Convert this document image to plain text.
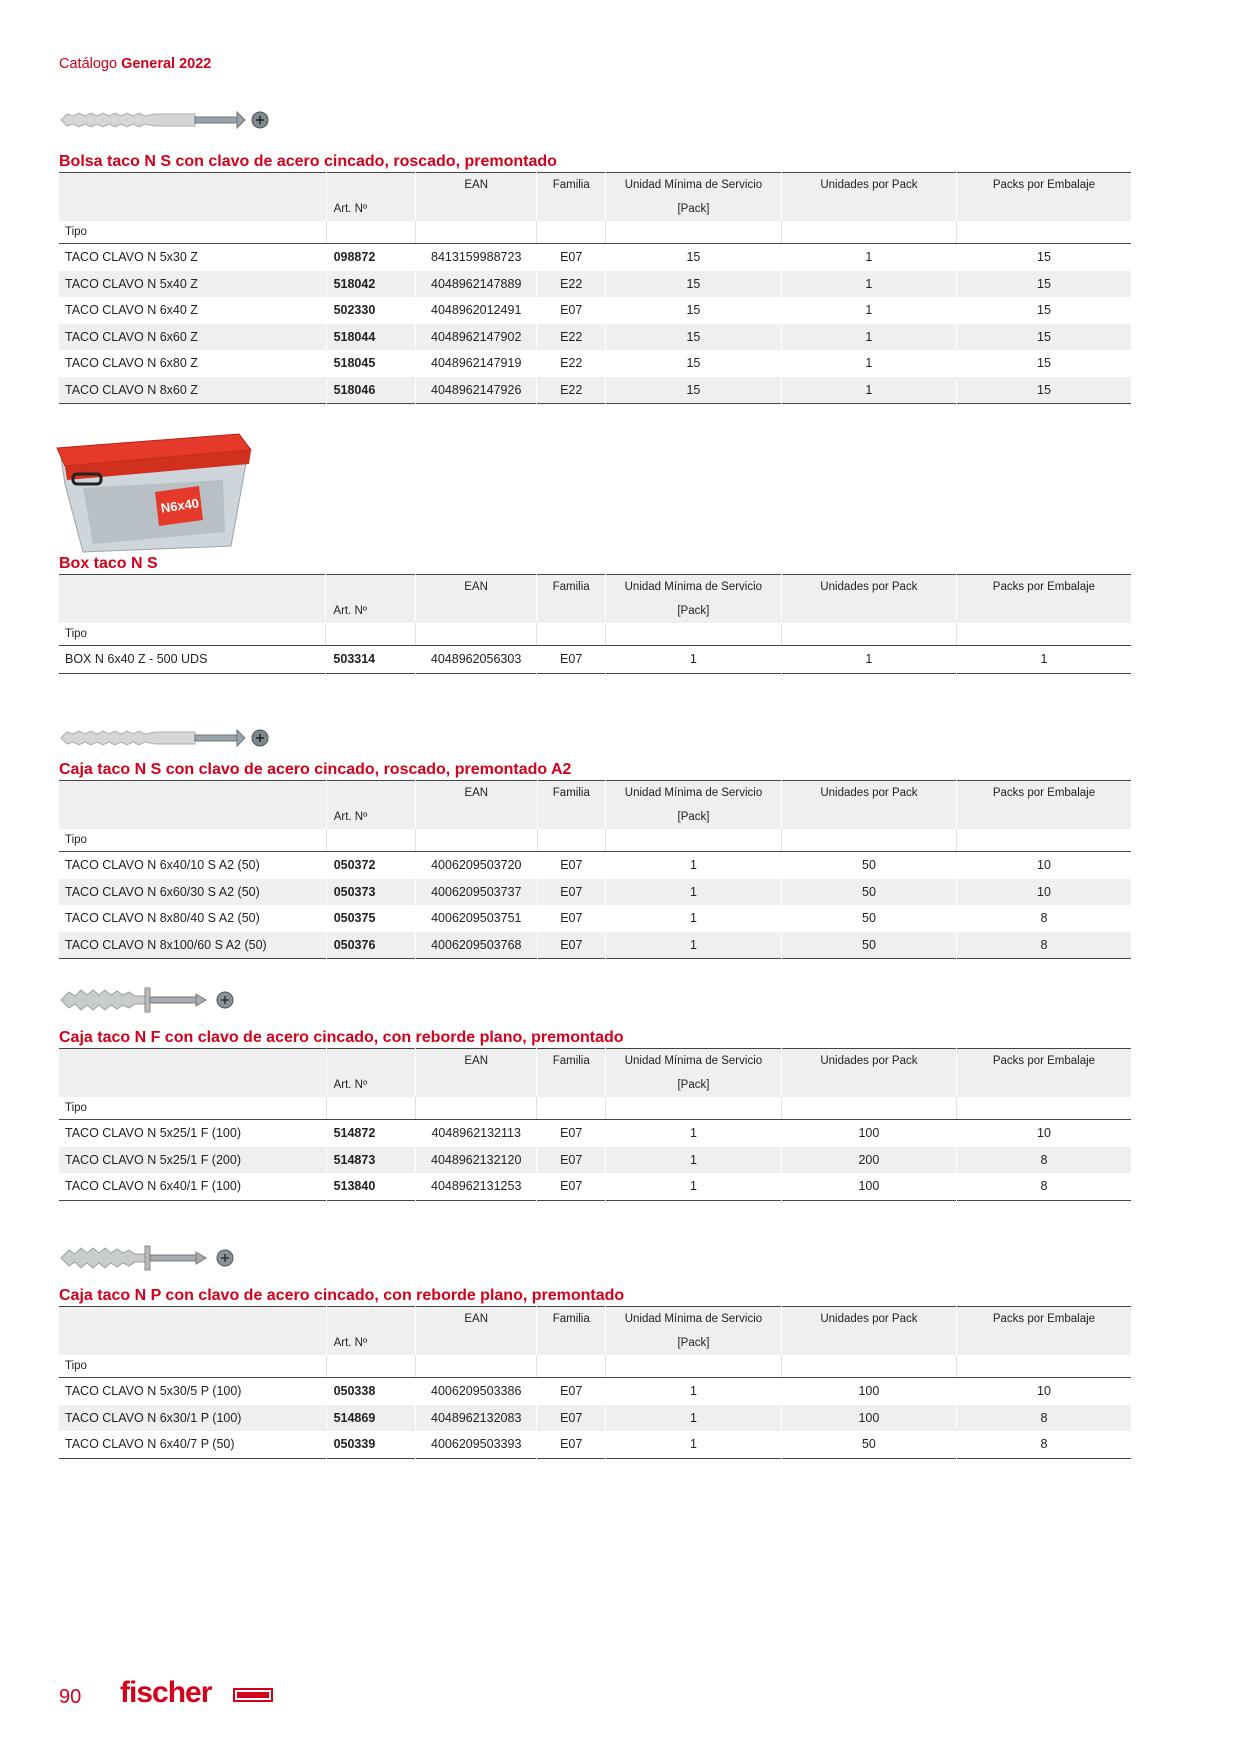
Catálogo General 2022
Bolsa taco N S con clavo de acero cincado, roscado, premontado
		EAN	Familia	Unidad Mínima de Servicio	Unidades por Pack	Packs por Embalaje
	Art. Nº			[Pack]		
Tipo						
TACO CLAVO N 5x30 Z	098872	8413159988723	E07	15	1	15
TACO CLAVO N 5x40 Z	518042	4048962147889	E22	15	1	15
TACO CLAVO N 6x40 Z	502330	4048962012491	E07	15	1	15
TACO CLAVO N 6x60 Z	518044	4048962147902	E22	15	1	15
TACO CLAVO N 6x80 Z	518045	4048962147919	E22	15	1	15
TACO CLAVO N 8x60 Z	518046	4048962147926	E22	15	1	15
N6x40
Box taco N S
		EAN	Familia	Unidad Mínima de Servicio	Unidades por Pack	Packs por Embalaje
	Art. Nº			[Pack]		
Tipo						
BOX N 6x40 Z - 500 UDS	503314	4048962056303	E07	1	1	1
Caja taco N S con clavo de acero cincado, roscado, premontado A2
		EAN	Familia	Unidad Mínima de Servicio	Unidades por Pack	Packs por Embalaje
	Art. Nº			[Pack]		
Tipo						
TACO CLAVO N 6x40/10 S A2 (50)	050372	4006209503720	E07	1	50	10
TACO CLAVO N 6x60/30 S A2 (50)	050373	4006209503737	E07	1	50	10
TACO CLAVO N 8x80/40 S A2 (50)	050375	4006209503751	E07	1	50	8
TACO CLAVO N 8x100/60 S A2 (50)	050376	4006209503768	E07	1	50	8
Caja taco N F con clavo de acero cincado, con reborde plano, premontado
		EAN	Familia	Unidad Mínima de Servicio	Unidades por Pack	Packs por Embalaje
	Art. Nº			[Pack]		
Tipo						
TACO CLAVO N 5x25/1 F (100)	514872	4048962132113	E07	1	100	10
TACO CLAVO N 5x25/1 F (200)	514873	4048962132120	E07	1	200	8
TACO CLAVO N 6x40/1 F (100)	513840	4048962131253	E07	1	100	8
Caja taco N P con clavo de acero cincado, con reborde plano, premontado
		EAN	Familia	Unidad Mínima de Servicio	Unidades por Pack	Packs por Embalaje
	Art. Nº			[Pack]		
Tipo						
TACO CLAVO N 5x30/5 P (100)	050338	4006209503386	E07	1	100	10
TACO CLAVO N 6x30/1 P (100)	514869	4048962132083	E07	1	100	8
TACO CLAVO N 6x40/7 P (50)	050339	4006209503393	E07	1	50	8
90 fischer
